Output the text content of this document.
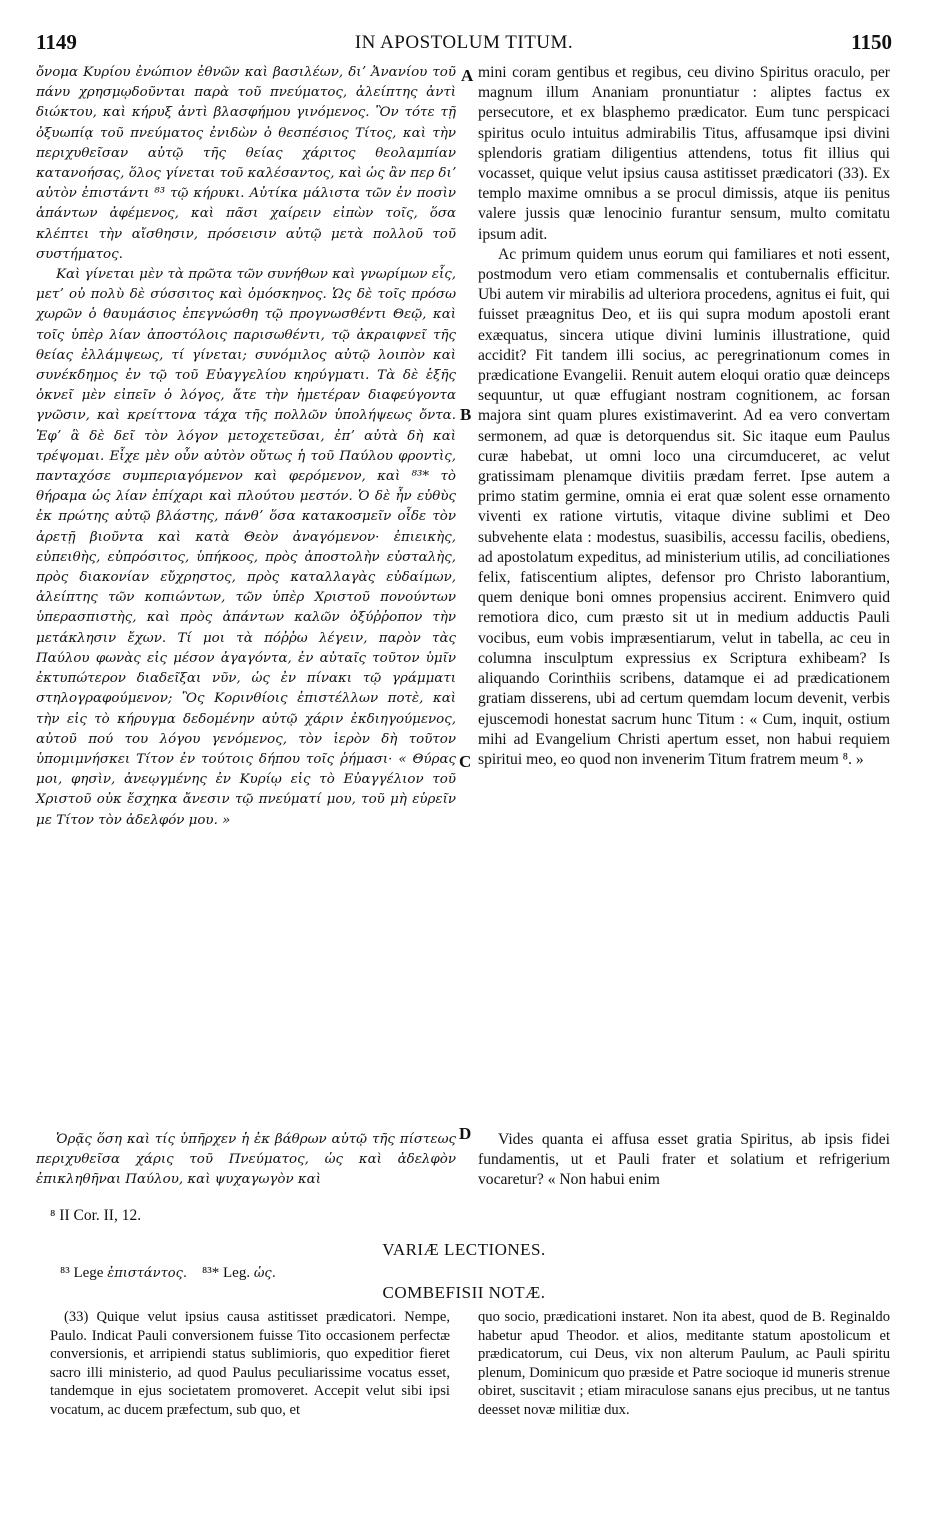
1149	IN APOSTOLUM TITUM.	1150

ὄνομα Κυρίου ἐνώπιον ἐθνῶν καὶ βασιλέων, διʼ Ἀνανίου τοῦ πάνυ χρησμῳδοῦνται παρὰ τοῦ πνεύματος, ἀλείπτης ἀντὶ διώκτου, καὶ κήρυξ ἀντὶ βλασφήμου γινόμενος. Ὃν τότε τῇ ὀξυωπίᾳ τοῦ πνεύματος ἐνιδὼν ὁ θεσπέσιος Τίτος, καὶ τὴν περιχυθεῖσαν αὐτῷ τῆς θείας χάριτος θεολαμπίαν κατανοήσας, ὅλος γίνεται τοῦ καλέσαντος, καὶ ὡς ἂν περ διʼ αὐτὸν ἐπιστάντι ⁸³ τῷ κήρυκι. Αὐτίκα μάλιστα τῶν ἐν ποσὶν ἁπάντων ἀφέμενος, καὶ πᾶσι χαίρειν εἰπὼν τοῖς, ὅσα κλέπτει τὴν αἴσθησιν, πρόσεισιν αὐτῷ μετὰ πολλοῦ τοῦ συστήματος.

Καὶ γίνεται μὲν τὰ πρῶτα τῶν συνήθων καὶ γνωρίμων εἷς, μετʼ οὐ πολὺ δὲ σύσσιτος καὶ ὁμόσκηνος. Ὡς δὲ τοῖς πρόσω χωρῶν ὁ θαυμάσιος ἐπεγνώσθη τῷ προγνωσθέντι Θεῷ, καὶ τοῖς ὑπὲρ λίαν ἀποστόλοις παρισωθέντι, τῷ ἀκραιφνεῖ τῆς θείας ἐλλάμψεως, τί γίνεται; συνόμιλος αὐτῷ λοιπὸν καὶ συνέκδημος ἐν τῷ τοῦ Εὐαγγελίου κηρύγματι. Τὰ δὲ ἑξῆς ὀκνεῖ μὲν εἰπεῖν ὁ λόγος, ἅτε τὴν ἡμετέραν διαφεύγοντα γνῶσιν, καὶ κρείττονα τάχα τῆς πολλῶν ὑπολήψεως ὄντα. Ἐφʼ ἃ δὲ δεῖ τὸν λόγον μετοχετεῦσαι, ἐπʼ αὐτὰ δὴ καὶ τρέψομαι. Εἶχε μὲν οὖν αὐτὸν οὕτως ἡ τοῦ Παύλου φροντὶς, πανταχόσε συμπεριαγόμενον καὶ φερόμενον, καὶ ⁸³* τὸ θήραμα ὡς λίαν ἐπίχαρι καὶ πλούτου μεστόν. Ὁ δὲ ἦν εὐθὺς ἐκ πρώτης αὐτῷ βλάστης, πάνθʼ ὅσα κατακοσμεῖν οἶδε τὸν ἀρετῇ βιοῦντα καὶ κατὰ Θεὸν ἀναγόμενον· ἐπιεικὴς, εὐπειθὴς, εὐπρόσιτος, ὑπήκοος, πρὸς ἀποστολὴν εὐσταλὴς, πρὸς διακονίαν εὔχρηστος, πρὸς καταλλαγὰς εὐδαίμων, ἀλείπτης τῶν κοπιώντων, τῶν ὑπὲρ Χριστοῦ πονούντων ὑπερασπιστὴς, καὶ πρὸς ἁπάντων καλῶν ὀξύῤῥοπον τὴν μετάκλησιν ἔχων. Τί μοι τὰ πόῤῥω λέγειν, παρὸν τὰς Παύλου φωνὰς εἰς μέσον ἀγαγόντα, ἐν αὐταῖς τοῦτον ὑμῖν ἐκτυπώτερον διαδεῖξαι νῦν, ὡς ἐν πίνακι τῷ γράμματι στηλογραφούμενον; Ὃς Κορινθίοις ἐπιστέλλων ποτὲ, καὶ τὴν εἰς τὸ κήρυγμα δεδομένην αὐτῷ χάριν ἐκδιηγούμενος, αὐτοῦ πού του λόγου γενόμενος, τὸν ἱερὸν δὴ τοῦτον ὑπομιμνήσκει Τίτον ἐν τούτοις δήπου τοῖς ῥήμασι· « Θύρας μοι, φησὶν, ἀνεῳγμένης ἐν Κυρίῳ εἰς τὸ Εὐαγγέλιον τοῦ Χριστοῦ οὐκ ἔσχηκα ἄνεσιν τῷ πνεύματί μου, τοῦ μὴ εὑρεῖν με Τίτον τὸν ἀδελφόν μου. »

Ὁρᾷς ὅση καὶ τίς ὑπῆρχεν ἡ ἐκ βάθρων αὐτῷ τῆς πίστεως περιχυθεῖσα χάρις τοῦ Πνεύματος, ὡς καὶ ἀδελφὸν ἐπικληθῆναι Παύλου, καὶ ψυχαγωγὸν καὶ

A
B
C
D

mini coram gentibus et regibus, ceu divino Spiritus oraculo, per magnum illum Ananiam pronuntiatur : aliptes factus ex persecutore, et ex blasphemo prædicator. Eum tunc perspicaci spiritus oculo intuitus admirabilis Titus, affusamque ipsi divini splendoris gratiam diligentius attendens, totus fit illius qui vocasset, quique velut ipsius causa astitisset prædicatori (33). Ex templo maxime omnibus a se procul dimissis, atque iis penitus valere jussis quæ lenocinio furantur sensum, multo comitatu ipsum adit.

Ac primum quidem unus eorum qui familiares et noti essent, postmodum vero etiam commensalis et contubernalis efficitur. Ubi autem vir mirabilis ad ulteriora procedens, agnitus ei fuit, qui fuisset præagnitus Deo, et iis qui supra modum apostoli erant exæquatus, sincera utique divini luminis illustratione, quid accidit? Fit tandem illi socius, ac peregrinationum comes in prædicatione Evangelii. Renuit autem eloqui oratio quæ deinceps sequuntur, ut quæ effugiant nostram cognitionem, ac forsan majora sint quam plures existimaverint. Ad ea vero convertam sermonem, ad quæ is detorquendus sit. Sic itaque eum Paulus curæ habebat, ut omni loco una circumduceret, ac velut gratissimam plenamque divitiis prædam ferret. Ipse autem a primo statim germine, omnia ei erat quæ solent esse ornamento viventi ex ratione virtutis, vitaque divine sublimi et Deo subvehente elata : modestus, suasibilis, accessu facilis, obediens, ad apostolatum expeditus, ad ministerium utilis, ad conciliationes felix, fatiscentium aliptes, defensor pro Christo laborantium, quem denique boni omnes propensius accirent. Enimvero quid remotiora dico, cum præsto sit ut in medium adductis Pauli vocibus, eum vobis impræsentiarum, velut in tabella, ac ceu in columna insculptum expressius ex Scriptura exhibeam? Is aliquando Corinthiis scribens, datamque ei ad prædicationem gratiam disserens, ubi ad certum quemdam locum devenit, verbis ejuscemodi honestat sacrum hunc Titum : « Cum, inquit, ostium mihi ad Evangelium Christi apertum esset, non habui requiem spiritui meo, eo quod non invenerim Titum fratrem meum ⁸. »

Vides quanta ei affusa esset gratia Spiritus, ab ipsis fidei fundamentis, ut et Pauli frater et solatium et refrigerium vocaretur? « Non habui enim

⁸ II Cor. II, 12.
VARIÆ LECTIONES.
⁸³ Lege ἐπιστάντος. ⁸³* Leg. ὡς.
COMBEFISII NOTÆ.

(33) Quique velut ipsius causa astitisset prædicatori. Nempe, Paulo. Indicat Pauli conversionem fuisse Tito occasionem perfectæ conversionis, et arripiendi status sublimioris, quo expeditior fieret sacro illi ministerio, ad quod Paulus peculiarissime vocatus esset, tandemque in ejus societatem promoveret. Accepit velut sibi ipsi vocatum, ac ducem præfectum, sub quo, et

quo socio, prædicationi instaret. Non ita abest, quod de B. Reginaldo habetur apud Theodor. et alios, meditante statum apostolicum et prædicatorum, cui Deus, vix non alterum Paulum, ac Pauli spiritu plenum, Dominicum quo præside et Patre socioque id muneris strenue obiret, suscitavit ; etiam miraculose sanans ejus precibus, ut ne tantus deesset novæ militiæ dux.
